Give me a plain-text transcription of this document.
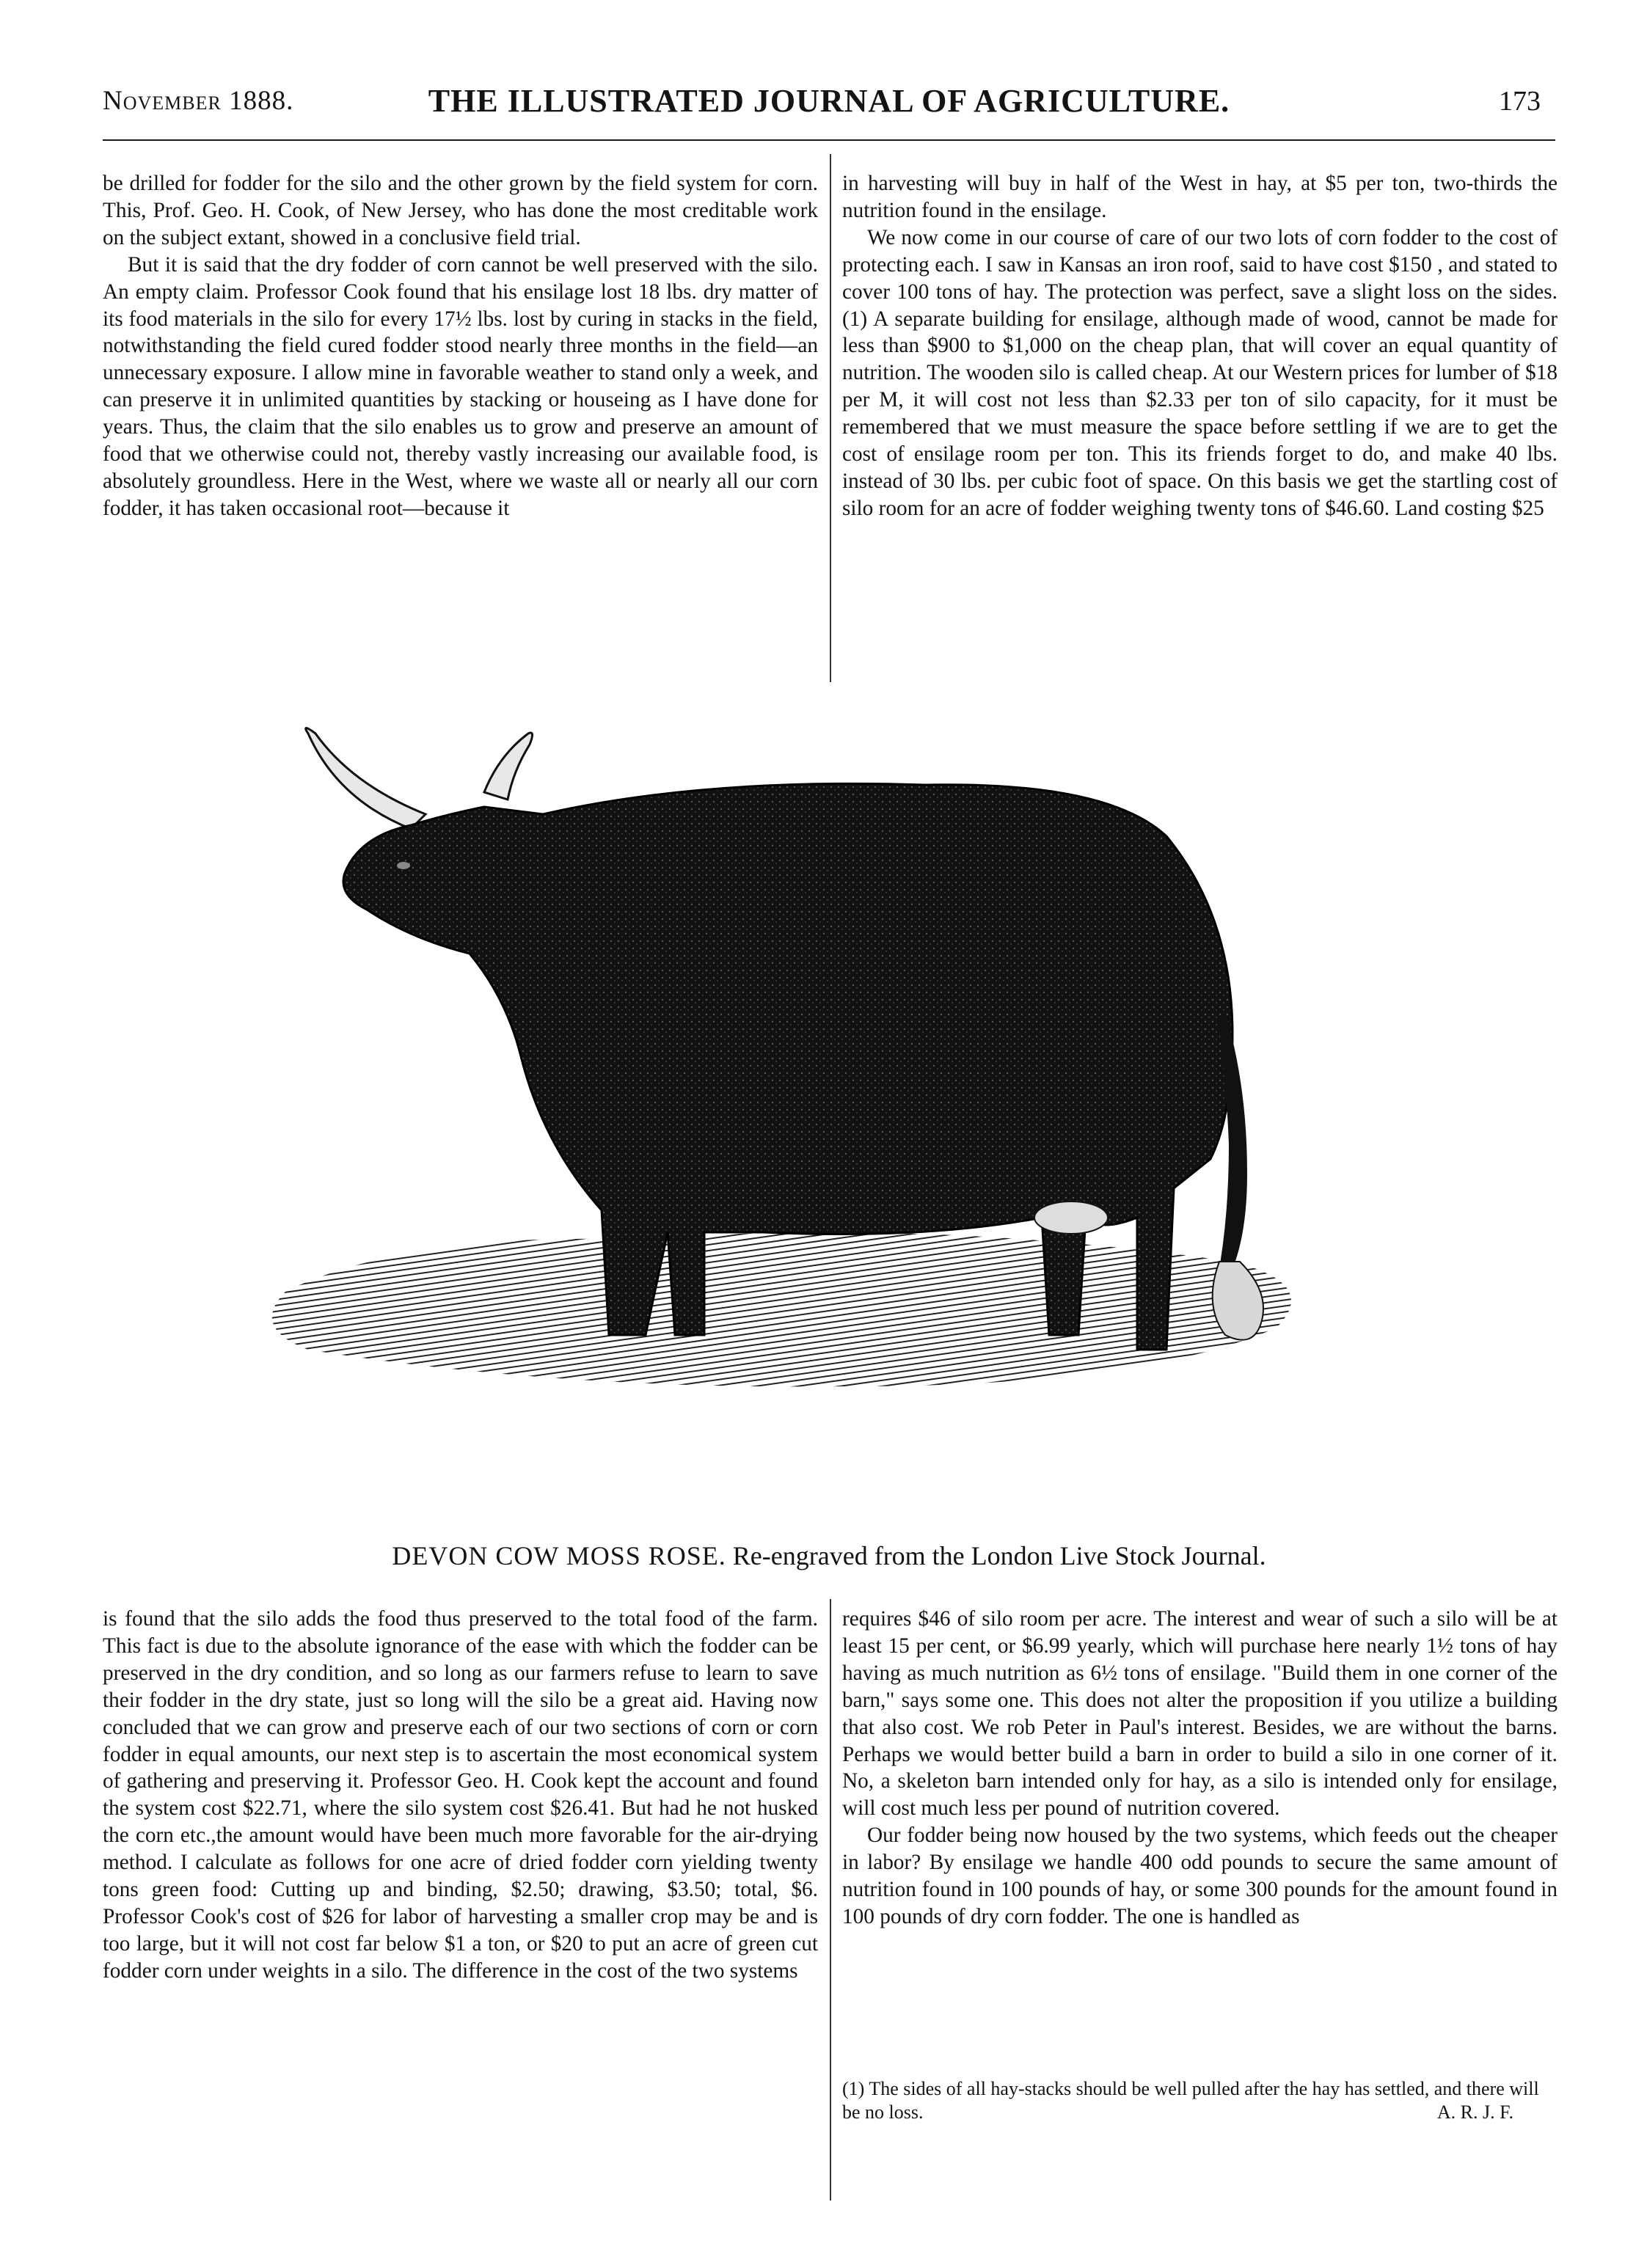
November 1888.	THE ILLUSTRATED JOURNAL OF AGRICULTURE.	173

be drilled for fodder for the silo and the other grown by the field system for corn. This, Prof. Geo. H. Cook, of New Jersey, who has done the most creditable work on the subject extant, showed in a conclusive field trial.

But it is said that the dry fodder of corn cannot be well preserved with the silo. An empty claim. Professor Cook found that his ensilage lost 18 lbs. dry matter of its food materials in the silo for every 17½ lbs. lost by curing in stacks in the field, notwithstanding the field cured fodder stood nearly three months in the field—an unnecessary exposure. I allow mine in favorable weather to stand only a week, and can preserve it in unlimited quantities by stacking or houseing as I have done for years. Thus, the claim that the silo enables us to grow and preserve an amount of food that we otherwise could not, thereby vastly increasing our available food, is absolutely groundless. Here in the West, where we waste all or nearly all our corn fodder, it has taken occasional root—because it

in harvesting will buy in half of the West in hay, at $5 per ton, two-thirds the nutrition found in the ensilage.

We now come in our course of care of our two lots of corn fodder to the cost of protecting each. I saw in Kansas an iron roof, said to have cost $150 , and stated to cover 100 tons of hay. The protection was perfect, save a slight loss on the sides.(1) A separate building for ensilage, although made of wood, cannot be made for less than $900 to $1,000 on the cheap plan, that will cover an equal quantity of nutrition. The wooden silo is called cheap. At our Western prices for lumber of $18 per M, it will cost not less than $2.33 per ton of silo capacity, for it must be remembered that we must measure the space before settling if we are to get the cost of ensilage room per ton. This its friends forget to do, and make 40 lbs. instead of 30 lbs. per cubic foot of space. On this basis we get the startling cost of silo room for an acre of fodder weighing twenty tons of $46.60. Land costing $25

DEVON COW MOSS ROSE. Re-engraved from the London Live Stock Journal.

is found that the silo adds the food thus preserved to the total food of the farm. This fact is due to the absolute ignorance of the ease with which the fodder can be preserved in the dry condition, and so long as our farmers refuse to learn to save their fodder in the dry state, just so long will the silo be a great aid. Having now concluded that we can grow and preserve each of our two sections of corn or corn fodder in equal amounts, our next step is to ascertain the most economical system of gathering and preserving it. Professor Geo. H. Cook kept the account and found the system cost $22.71, where the silo system cost $26.41. But had he not husked the corn etc.,the amount would have been much more favorable for the air-drying method. I calculate as follows for one acre of dried fodder corn yielding twenty tons green food: Cutting up and binding, $2.50; drawing, $3.50; total, $6. Professor Cook's cost of $26 for labor of harvesting a smaller crop may be and is too large, but it will not cost far below $1 a ton, or $20 to put an acre of green cut fodder corn under weights in a silo. The difference in the cost of the two systems

requires $46 of silo room per acre. The interest and wear of such a silo will be at least 15 per cent, or $6.99 yearly, which will purchase here nearly 1½ tons of hay having as much nutrition as 6½ tons of ensilage. "Build them in one corner of the barn," says some one. This does not alter the proposition if you utilize a building that also cost. We rob Peter in Paul's interest. Besides, we are without the barns. Perhaps we would better build a barn in order to build a silo in one corner of it. No, a skeleton barn intended only for hay, as a silo is intended only for ensilage, will cost much less per pound of nutrition covered.

Our fodder being now housed by the two systems, which feeds out the cheaper in labor? By ensilage we handle 400 odd pounds to secure the same amount of nutrition found in 100 pounds of hay, or some 300 pounds for the amount found in 100 pounds of dry corn fodder. The one is handled as

(1) The sides of all hay-stacks should be well pulled after the hay has settled, and there will be no loss.	A. R. J. F.
